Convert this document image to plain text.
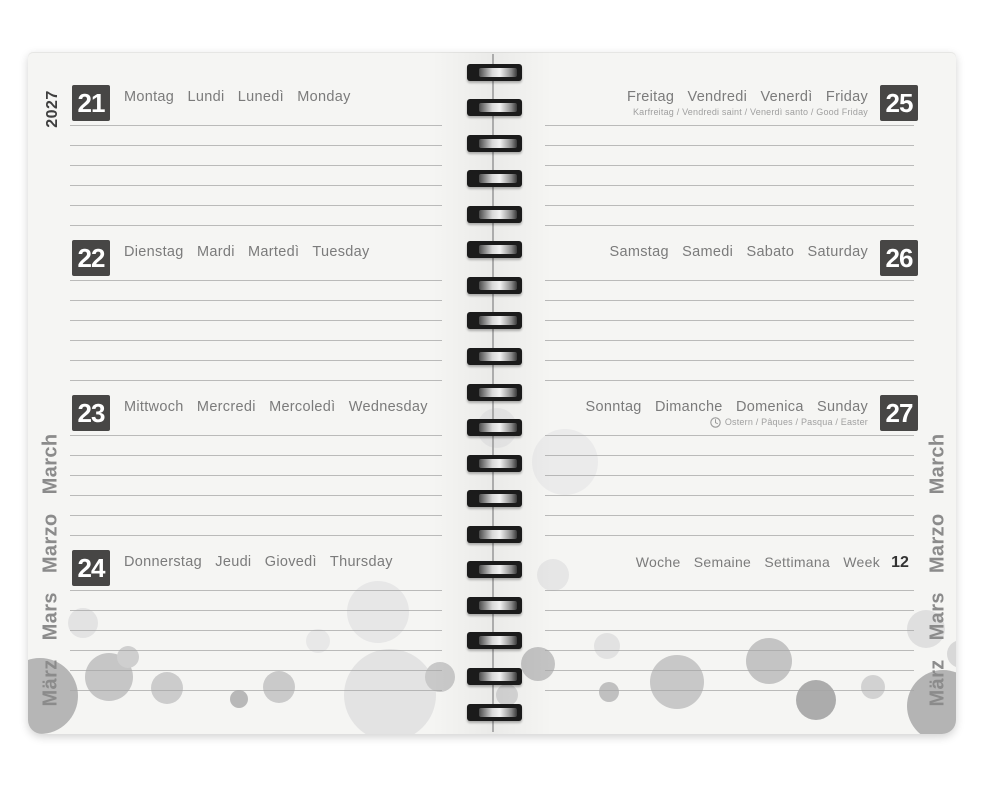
2027
März Mars Marzo March	März Mars Marzo March
21	Montag Lundi Lunedì Monday
22	Dienstag Mardi Martedì Tuesday
23	Mittwoch Mercredi Mercoledì Wednesday
24	Donnerstag Jeudi Giovedì Thursday
Freitag Vendredi Venerdì Friday
Karfreitag / Vendredi saint / Venerdì santo / Good Friday 25
Samstag Samedi Sabato Saturday 26
Sonntag Dimanche Domenica Sunday
Ostern / Pâques / Pasqua / Easter 27
Woche Semaine Settimana Week 12
